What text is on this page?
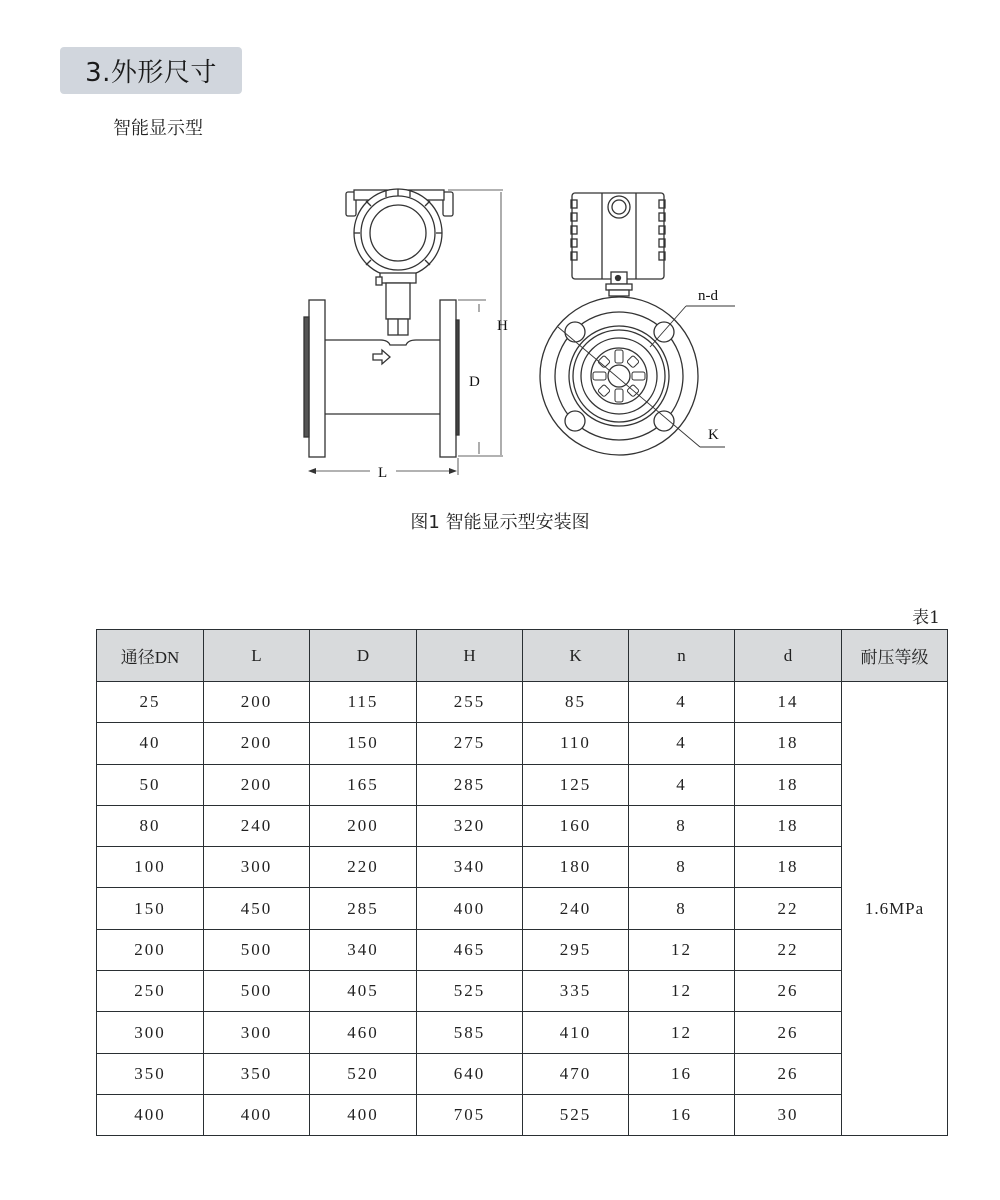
3.外形尺寸
智能显示型
H
D
L
n-d
K
图1 智能显示型安装图
表1
通径DN	L	D	H	K	n	d	耐压等级
25	200	115	255	85	4	14	1.6MPa
40	200	150	275	110	4	18	
50	200	165	285	125	4	18	
80	240	200	320	160	8	18	
100	300	220	340	180	8	18	
150	450	285	400	240	8	22	
200	500	340	465	295	12	22	
250	500	405	525	335	12	26	
300	300	460	585	410	12	26	
350	350	520	640	470	16	26	
400	400	400	705	525	16	30	
